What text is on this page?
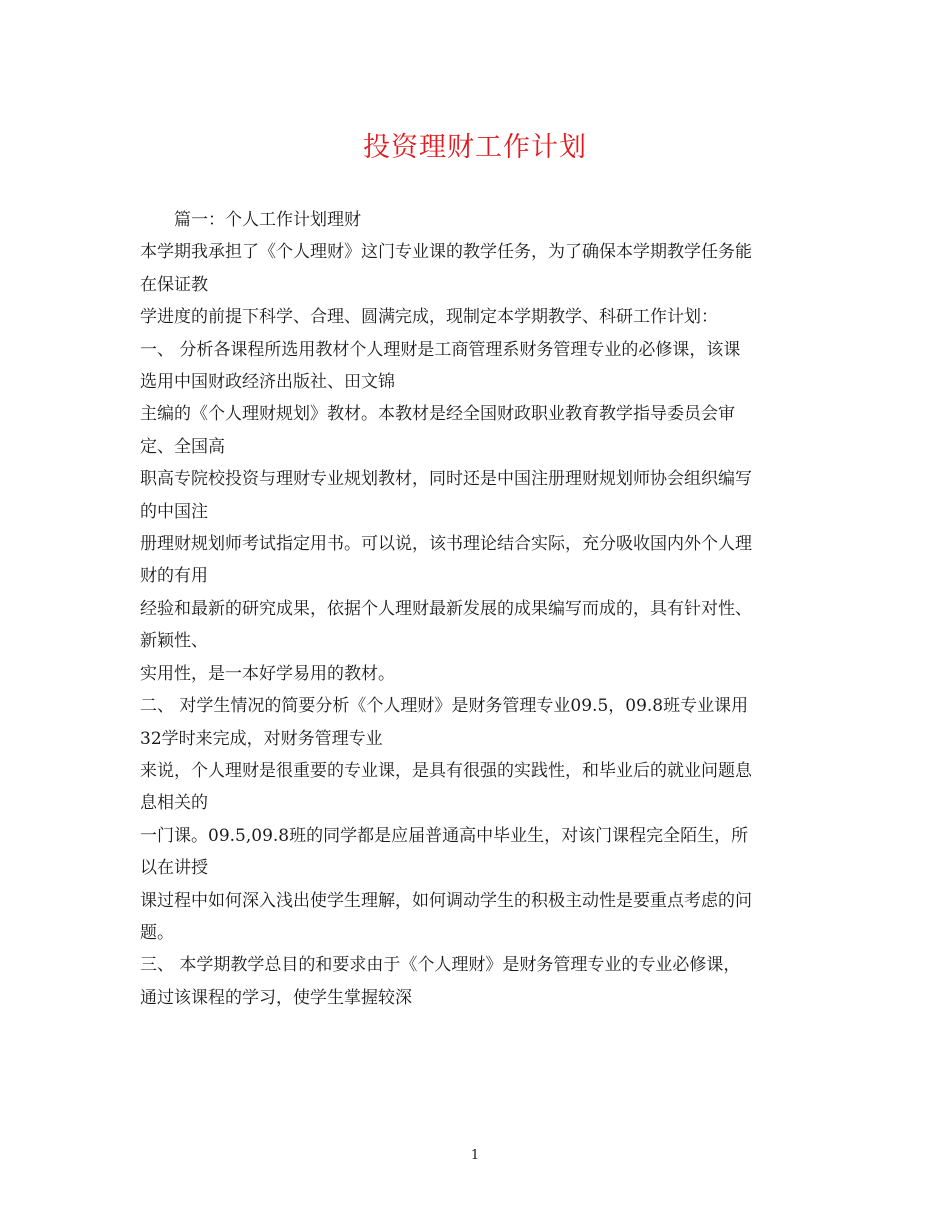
投资理财工作计划
篇一：个人工作计划理财
本学期我承担了《个人理财》这门专业课的教学任务，为了确保本学期教学任务能
在保证教
学进度的前提下科学、合理、圆满完成，现制定本学期教学、科研工作计划：
一、 分析各课程所选用教材个人理财是工商管理系财务管理专业的必修课，该课
选用中国财政经济出版社、田文锦
主编的《个人理财规划》教材。本教材是经全国财政职业教育教学指导委员会审
定、全国高
职高专院校投资与理财专业规划教材，同时还是中国注册理财规划师协会组织编写
的中国注
册理财规划师考试指定用书。可以说，该书理论结合实际，充分吸收国内外个人理
财的有用
经验和最新的研究成果，依据个人理财最新发展的成果编写而成的，具有针对性、
新颖性、
实用性，是一本好学易用的教材。
二、 对学生情况的简要分析《个人理财》是财务管理专业09.5，09.8班专业课用
32学时来完成，对财务管理专业
来说，个人理财是很重要的专业课，是具有很强的实践性，和毕业后的就业问题息
息相关的
一门课。09.5,09.8班的同学都是应届普通高中毕业生，对该门课程完全陌生，所
以在讲授
课过程中如何深入浅出使学生理解，如何调动学生的积极主动性是要重点考虑的问
题。
三、 本学期教学总目的和要求由于《个人理财》是财务管理专业的专业必修课，
通过该课程的学习，使学生掌握较深
1
